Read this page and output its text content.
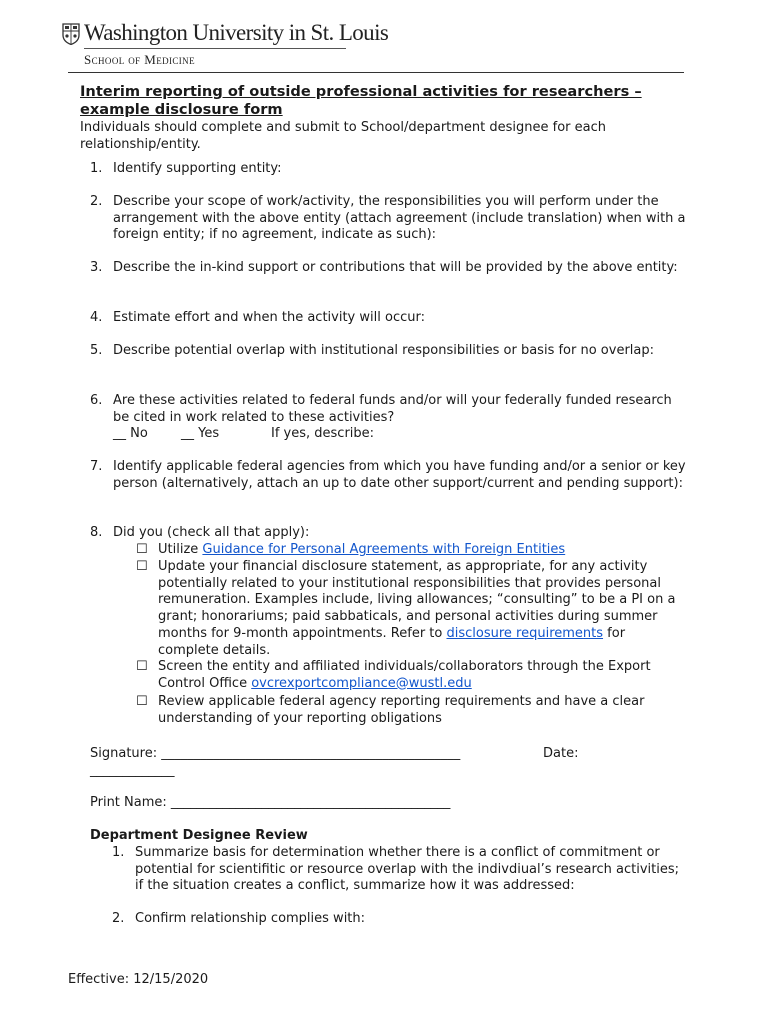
Washington University in St. Louis
School of Medicine
Interim reporting of outside professional activities for researchers – example disclosure form
Individuals should complete and submit to School/department designee for each relationship/entity.
1. Identify supporting entity:
2. Describe your scope of work/activity, the responsibilities you will perform under the arrangement with the above entity (attach agreement (include translation) when with a foreign entity; if no agreement, indicate as such):
3. Describe the in-kind support or contributions that will be provided by the above entity:
4. Estimate effort and when the activity will occur:
5. Describe potential overlap with institutional responsibilities or basis for no overlap:
6. Are these activities related to federal funds and/or will your federally funded research be cited in work related to these activities?
__ No	__ Yes	If yes, describe:
7. Identify applicable federal agencies from which you have funding and/or a senior or key person (alternatively, attach an up to date other support/current and pending support):
8. Did you (check all that apply):
☐ Utilize Guidance for Personal Agreements with Foreign Entities
☐ Update your financial disclosure statement, as appropriate, for any activity potentially related to your institutional responsibilities that provides personal remuneration. Examples include, living allowances; “consulting” to be a PI on a grant; honorariums; paid sabbaticals, and personal activities during summer months for 9-month appointments. Refer to disclosure requirements for complete details.
☐ Screen the entity and affiliated individuals/collaborators through the Export Control Office ovcrexportcompliance@wustl.edu
☐ Review applicable federal agency reporting requirements and have a clear understanding of your reporting obligations
Signature: ______________________________________________	Date:
_____________
Print Name: ___________________________________________
Department Designee Review
1. Summarize basis for determination whether there is a conflict of commitment or potential for scientifitic or resource overlap with the indivdiual’s research activities; if the situation creates a conflict, summarize how it was addressed:
2. Confirm relationship complies with:
Effective: 12/15/2020
